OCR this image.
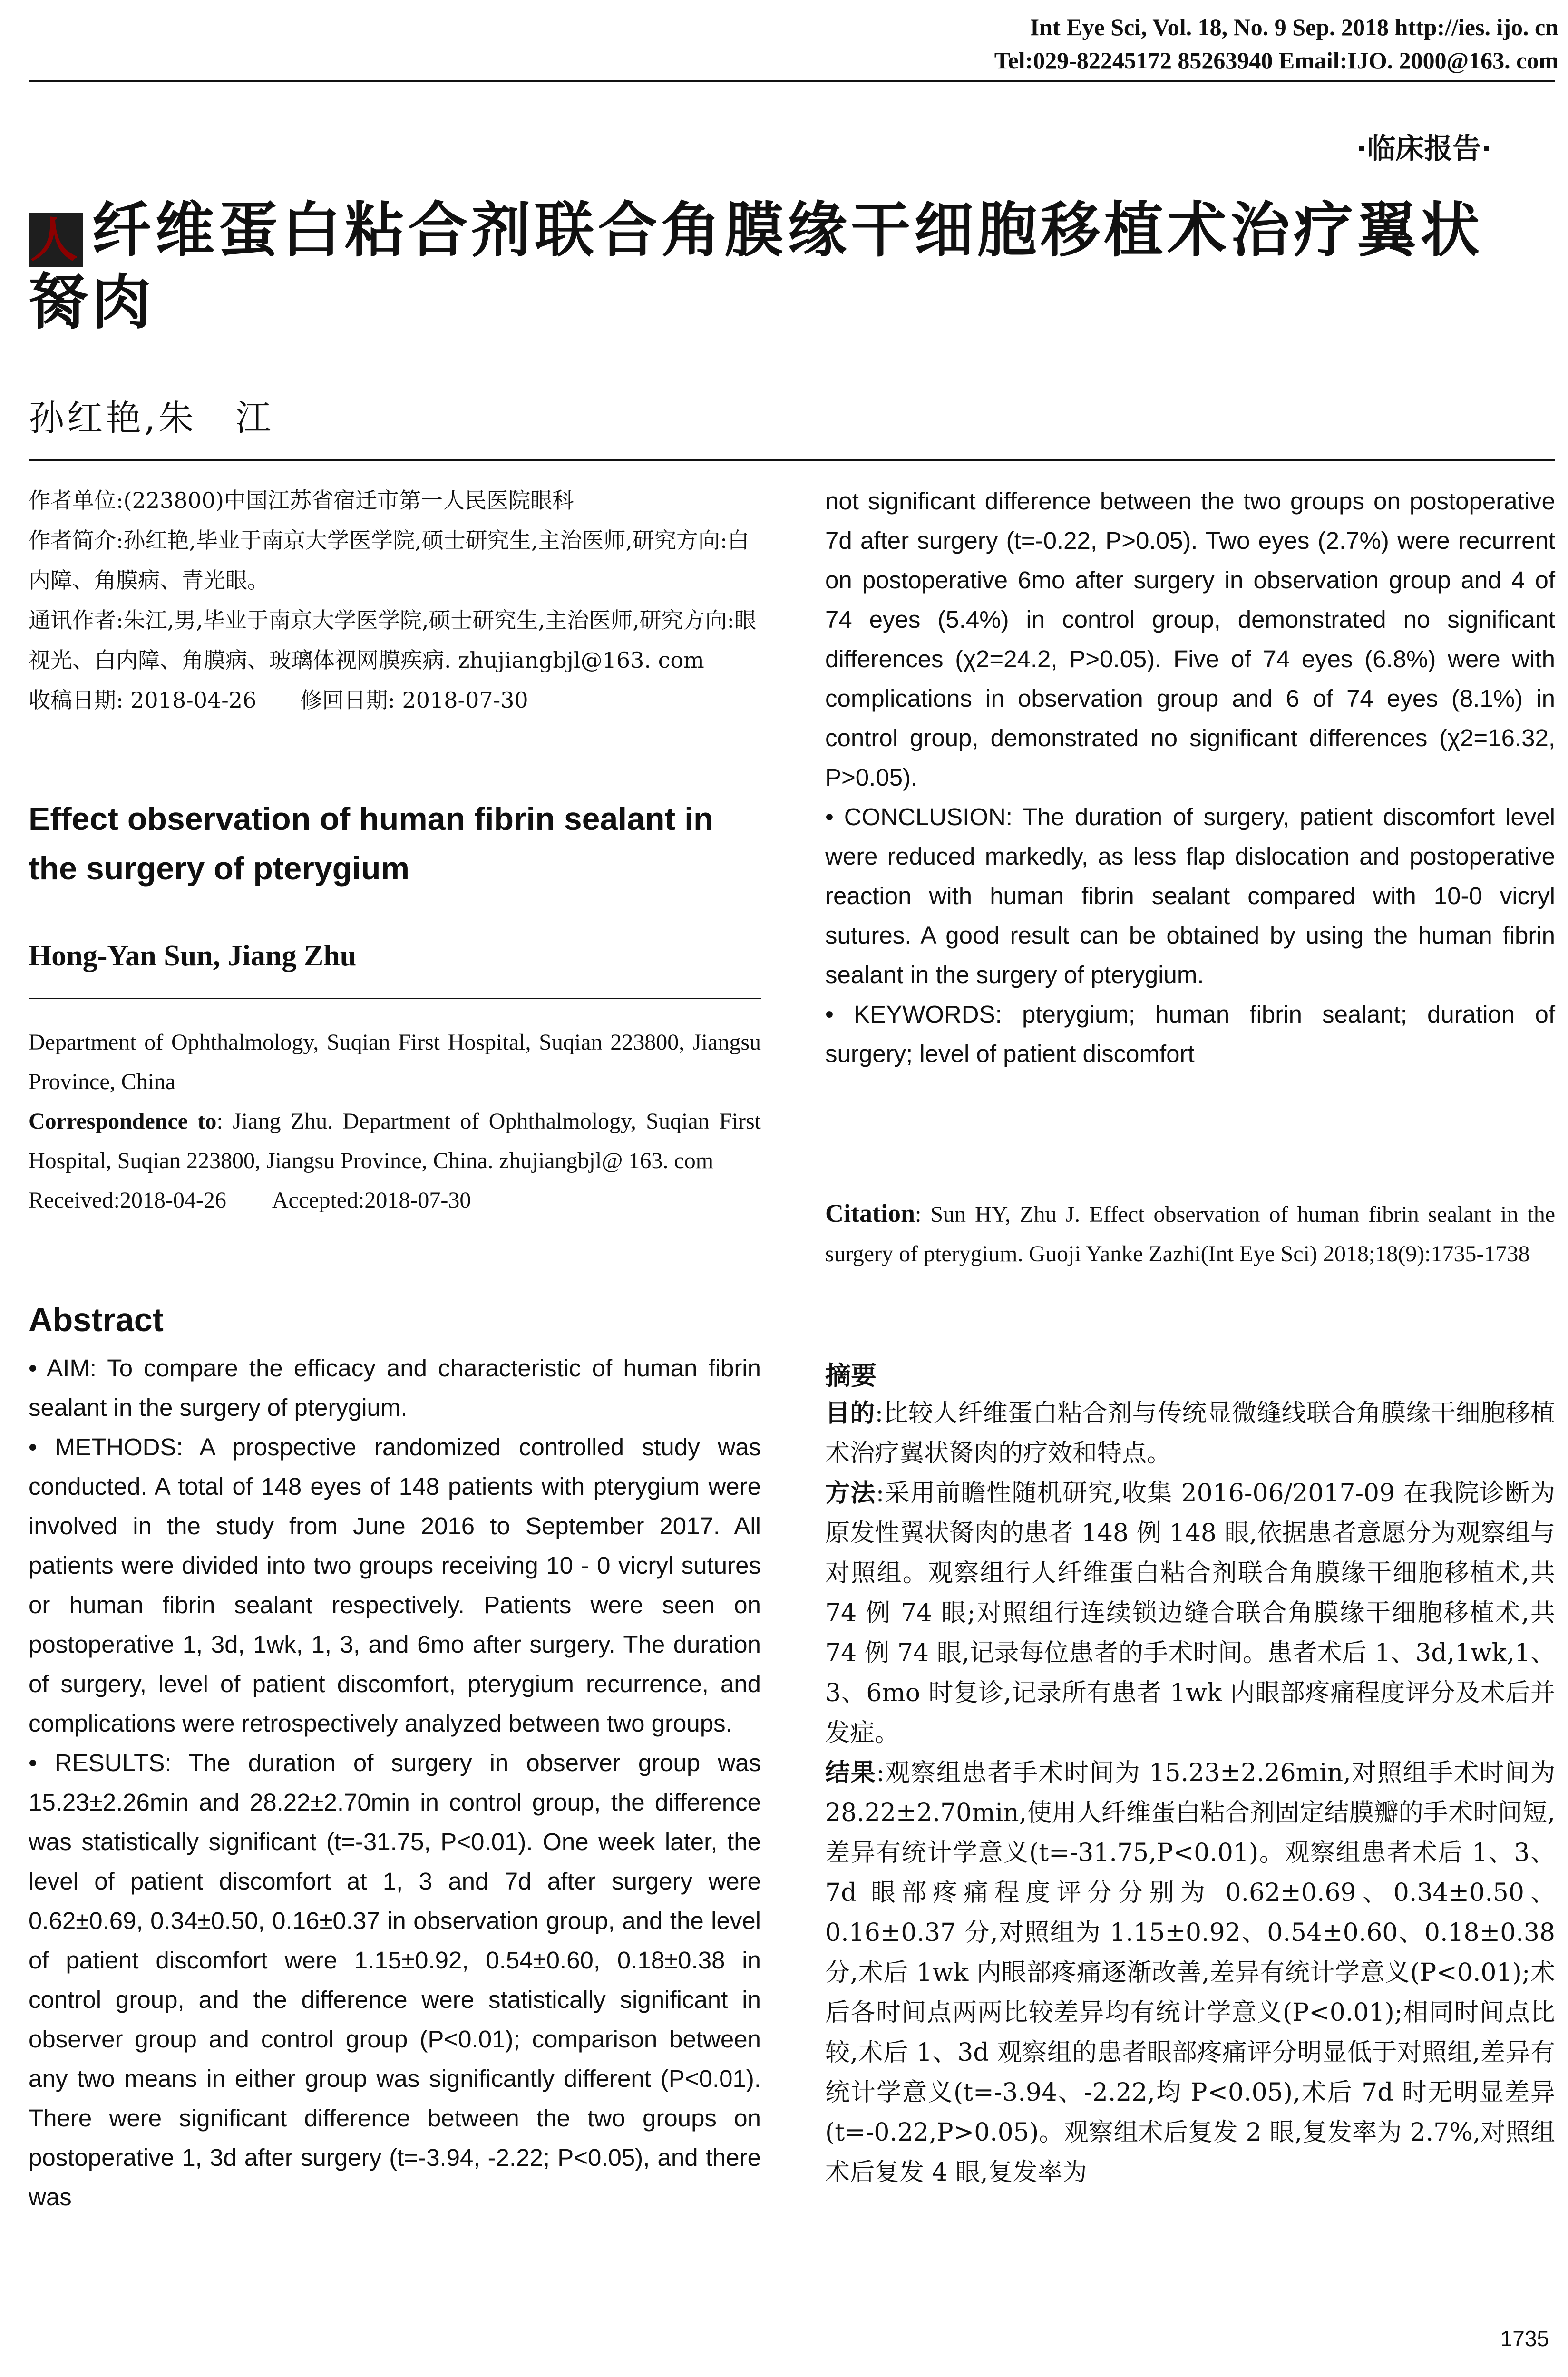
Int Eye Sci, Vol. 18, No. 9 Sep. 2018 http://ies. ijo. cn
Tel:029-82245172 85263940 Email:IJO. 2000@163. com
·临床报告·
人 纤维蛋白粘合剂联合角膜缘干细胞移植术治疗翼状胬肉
孙红艳,朱　江

作者单位:(223800)中国江苏省宿迁市第一人民医院眼科

作者简介:孙红艳,毕业于南京大学医学院,硕士研究生,主治医师,研究方向:白内障、角膜病、青光眼。

通讯作者:朱江,男,毕业于南京大学医学院,硕士研究生,主治医师,研究方向:眼视光、白内障、角膜病、玻璃体视网膜疾病. zhujiangbjl@163. com

收稿日期: 2018-04-26　　修回日期: 2018-07-30

Effect observation of human fibrin sealant in the surgery of pterygium

Hong-Yan Sun, Jiang Zhu

Department of Ophthalmology, Suqian First Hospital, Suqian 223800, Jiangsu Province, China

Correspondence to: Jiang Zhu. Department of Ophthalmology, Suqian First Hospital, Suqian 223800, Jiangsu Province, China. zhujiangbjl@ 163. com

Received:2018-04-26　　Accepted:2018-07-30

Abstract

• AIM: To compare the efficacy and characteristic of human fibrin sealant in the surgery of pterygium.

• METHODS: A prospective randomized controlled study was conducted. A total of 148 eyes of 148 patients with pterygium were involved in the study from June 2016 to September 2017. All patients were divided into two groups receiving 10 - 0 vicryl sutures or human fibrin sealant respectively. Patients were seen on postoperative 1, 3d, 1wk, 1, 3, and 6mo after surgery. The duration of surgery, level of patient discomfort, pterygium recurrence, and complications were retrospectively analyzed between two groups.

• RESULTS: The duration of surgery in observer group was 15.23±2.26min and 28.22±2.70min in control group, the difference was statistically significant (t=-31.75, P<0.01). One week later, the level of patient discomfort at 1, 3 and 7d after surgery were 0.62±0.69, 0.34±0.50, 0.16±0.37 in observation group, and the level of patient discomfort were 1.15±0.92, 0.54±0.60, 0.18±0.38 in control group, and the difference were statistically significant in observer group and control group (P<0.01); comparison between any two means in either group was significantly different (P<0.01). There were significant difference between the two groups on postoperative 1, 3d after surgery (t=-3.94, -2.22; P<0.05), and there was

not significant difference between the two groups on postoperative 7d after surgery (t=-0.22, P>0.05). Two eyes (2.7%) were recurrent on postoperative 6mo after surgery in observation group and 4 of 74 eyes (5.4%) in control group, demonstrated no significant differences (χ2=24.2, P>0.05). Five of 74 eyes (6.8%) were with complications in observation group and 6 of 74 eyes (8.1%) in control group, demonstrated no significant differences (χ2=16.32, P>0.05).

• CONCLUSION: The duration of surgery, patient discomfort level were reduced markedly, as less flap dislocation and postoperative reaction with human fibrin sealant compared with 10-0 vicryl sutures. A good result can be obtained by using the human fibrin sealant in the surgery of pterygium.

• KEYWORDS: pterygium; human fibrin sealant; duration of surgery; level of patient discomfort

Citation: Sun HY, Zhu J. Effect observation of human fibrin sealant in the surgery of pterygium. Guoji Yanke Zazhi(Int Eye Sci) 2018;18(9):1735-1738

摘要

目的:比较人纤维蛋白粘合剂与传统显微缝线联合角膜缘干细胞移植术治疗翼状胬肉的疗效和特点。

方法:采用前瞻性随机研究,收集 2016-06/2017-09 在我院诊断为原发性翼状胬肉的患者 148 例 148 眼,依据患者意愿分为观察组与对照组。观察组行人纤维蛋白粘合剂联合角膜缘干细胞移植术,共 74 例 74 眼;对照组行连续锁边缝合联合角膜缘干细胞移植术,共 74 例 74 眼,记录每位患者的手术时间。患者术后 1、3d,1wk,1、3、6mo 时复诊,记录所有患者 1wk 内眼部疼痛程度评分及术后并发症。

结果:观察组患者手术时间为 15.23±2.26min,对照组手术时间为 28.22±2.70min,使用人纤维蛋白粘合剂固定结膜瓣的手术时间短,差异有统计学意义(t=-31.75,P<0.01)。观察组患者术后 1、3、7d 眼部疼痛程度评分分别为 0.62±0.69、0.34±0.50、0.16±0.37 分,对照组为 1.15±0.92、0.54±0.60、0.18±0.38 分,术后 1wk 内眼部疼痛逐渐改善,差异有统计学意义(P<0.01);术后各时间点两两比较差异均有统计学意义(P<0.01);相同时间点比较,术后 1、3d 观察组的患者眼部疼痛评分明显低于对照组,差异有统计学意义(t=-3.94、-2.22,均 P<0.05),术后 7d 时无明显差异(t=-0.22,P>0.05)。观察组术后复发 2 眼,复发率为 2.7%,对照组术后复发 4 眼,复发率为

1735
